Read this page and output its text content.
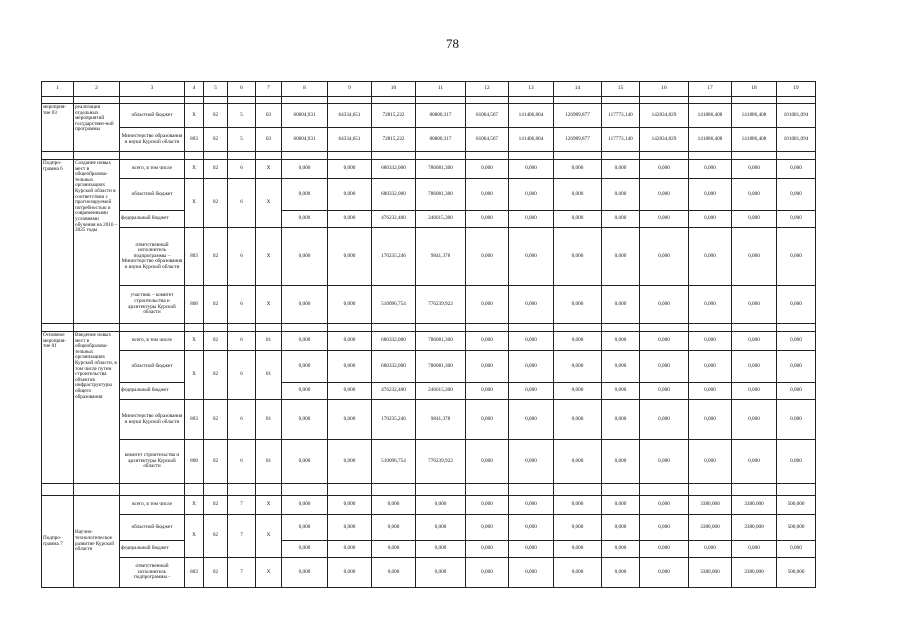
78
1	2	3	4	5	6	7	8	9	10	11	12	13	14	15	16	17	18	19

мероприя-тие 03	реализация отдельных мероприятий государствен-ной программы	областной бюджет	Х	02	5	03	60604,931	64334,651	72815,222	80880,317	81064,567	141406,804	126989,877	117773,140	142834,829	141886,408	141886,408	101081,094
		Министерство образования и науки Курской области	803	02	5	03	60604,931	64334,651	72815,222	80880,317	81064,567	141406,804	126989,877	117773,140	142834,829	141886,408	141886,408	101081,094

Подпро-грамма 6	Создание новых мест в общеобразова-тельных организациях Курской области в соответствии с прогнозируемой потребностью и современными условиями обучения на 2016 – 2025 годы	всего, в том числе	Х	02	6	Х	0,000	0,000	680332,000	786081,300	0,000	0,000	0,000	0,000	0,000	0,000	0,000	0,000
		областной бюджет	Х	02	6	Х	0,000	0,000	680332,000	786081,300	0,000	0,000	0,000	0,000	0,000	0,000	0,000	0,000
		федеральный бюджет					0,000	0,000	476232,400	246615,300	0,000	0,000	0,000	0,000	0,000	0,000	0,000	0,000
		ответственный исполнитель подпрограммы – Министерство образования и науки Курской области	803	02	6	Х	0,000	0,000	170235,246	9841,378	0,000	0,000	0,000	0,000	0,000	0,000	0,000	0,000
		участник – комитет строительства и архитектуры Курской области	808	02	6	Х	0,000	0,000	510096,754	776239,922	0,000	0,000	0,000	0,000	0,000	0,000	0,000	0,000

Основное мероприя-тие 01	Введение новых мест в общеобразова-тельных организациях Курской области, в том числе путем строительства объектов инфраструктуры общего образования	всего, в том числе	Х	02	6	01	0,000	0,000	680332,000	786081,300	0,000	0,000	0,000	0,000	0,000	0,000	0,000	0,000
		областной бюджет	Х	02	6	01	0,000	0,000	680332,000	786081,300	0,000	0,000	0,000	0,000	0,000	0,000	0,000	0,000
		федеральный бюджет					0,000	0,000	476232,400	246615,300	0,000	0,000	0,000	0,000	0,000	0,000	0,000	0,000
		Министерство образования и науки Курской области	803	02	6	01	0,000	0,000	170235,246	9841,378	0,000	0,000	0,000	0,000	0,000	0,000	0,000	0,000
		комитет строительства и архитектуры Курской области	808	02	6	01	0,000	0,000	510096,754	776239,922	0,000	0,000	0,000	0,000	0,000	0,000	0,000	0,000

Подпро-грамма 7	Научно-технологическое развитие Курской области	всего, в том числе	Х	02	7	Х	0,000	0,000	0,000	0,000	0,000	0,000	0,000	0,000	0,000	3380,000	3380,000	500,000
		областной бюджет	Х	02	7	Х	0,000	0,000	0,000	0,000	0,000	0,000	0,000	0,000	0,000	3380,000	3380,000	500,000
		федеральный бюджет					0,000	0,000	0,000	0,000	0,000	0,000	0,000	0,000	0,000	0,000	0,000	0,000
		ответственный исполнитель подпрограммы -	803	02	7	Х	0,000	0,000	0,000	0,000	0,000	0,000	0,000	0,000	0,000	3380,000	3380,000	500,000
